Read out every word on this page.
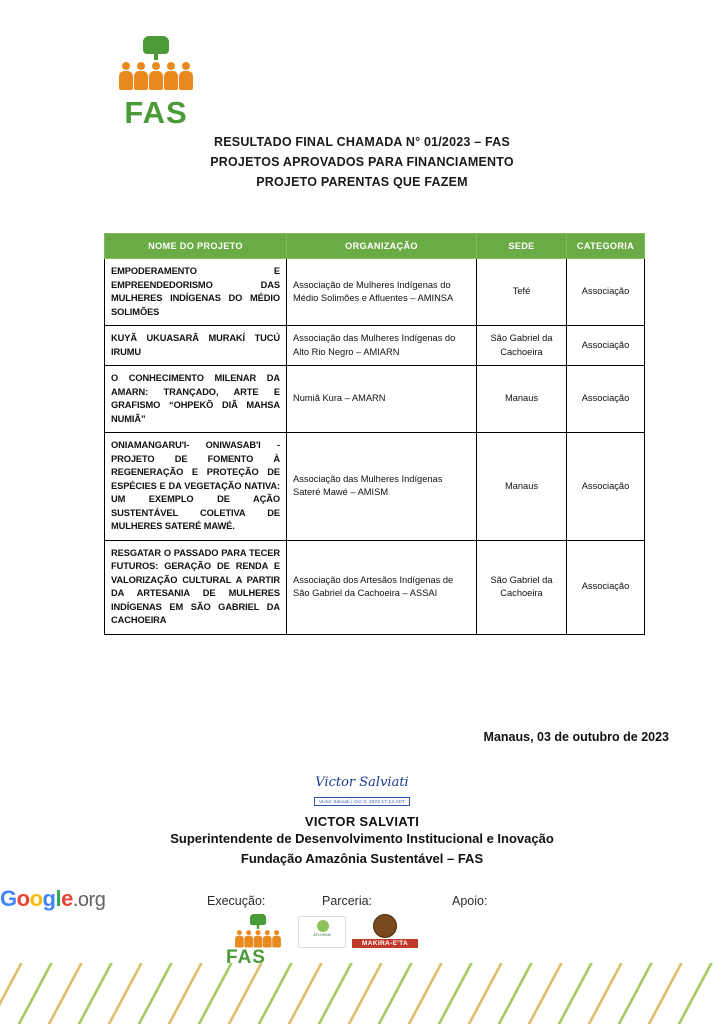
FAS
RESULTADO FINAL CHAMADA N° 01/2023 – FAS
PROJETOS APROVADOS PARA FINANCIAMENTO
PROJETO PARENTAS QUE FAZEM
NOME DO PROJETO	ORGANIZAÇÃO	SEDE	CATEGORIA
EMPODERAMENTO E EMPREENDEDORISMO DAS MULHERES INDÍGENAS DO MÉDIO SOLIMÕES	Associação de Mulheres Indígenas do Médio Solimões e Afluentes – AMINSA	Tefé	Associação
KUYÃ UKUASARÃ MURAKÍ TUCÚ IRUMU	Associação das Mulheres Indígenas do Alto Rio Negro – AMIARN	São Gabriel da Cachoeira	Associação
O CONHECIMENTO MILENAR DA AMARN: TRANÇADO, ARTE E GRAFISMO “OHPEKÕ DIÃ MAHSA NUMIÃ”	Numiã Kura – AMARN	Manaus	Associação
ONIAMANGARU'I- ONIWASAB'I - PROJETO DE FOMENTO À REGENERAÇÃO E PROTEÇÃO DE ESPÉCIES E DA VEGETAÇÃO NATIVA: UM EXEMPLO DE AÇÃO SUSTENTÁVEL COLETIVA DE MULHERES SATERÉ MAWÉ.	Associação das Mulheres Indígenas Sateré Mawé – AMISM	Manaus	Associação
RESGATAR O PASSADO PARA TECER FUTUROS: GERAÇÃO DE RENDA E VALORIZAÇÃO CULTURAL A PARTIR DA ARTESANIA DE MULHERES INDÍGENAS EM SÃO GABRIEL DA CACHOEIRA	Associação dos Artesãos Indígenas de São Gabriel da Cachoeira – ASSAI	São Gabriel da Cachoeira	Associação
Manaus, 03 de outubro de 2023
Victor Salviati
Victor Salviati | Oct 3, 2023 17:13 ADT
VICTOR SALVIATI
Superintendente de Desenvolvimento Institucional e Inovação
Fundação Amazônia Sustentável – FAS
Execução:	Parceria:	Apoio:
FAS
AFLORAM
MAKIRA-E'TA
Google.org
